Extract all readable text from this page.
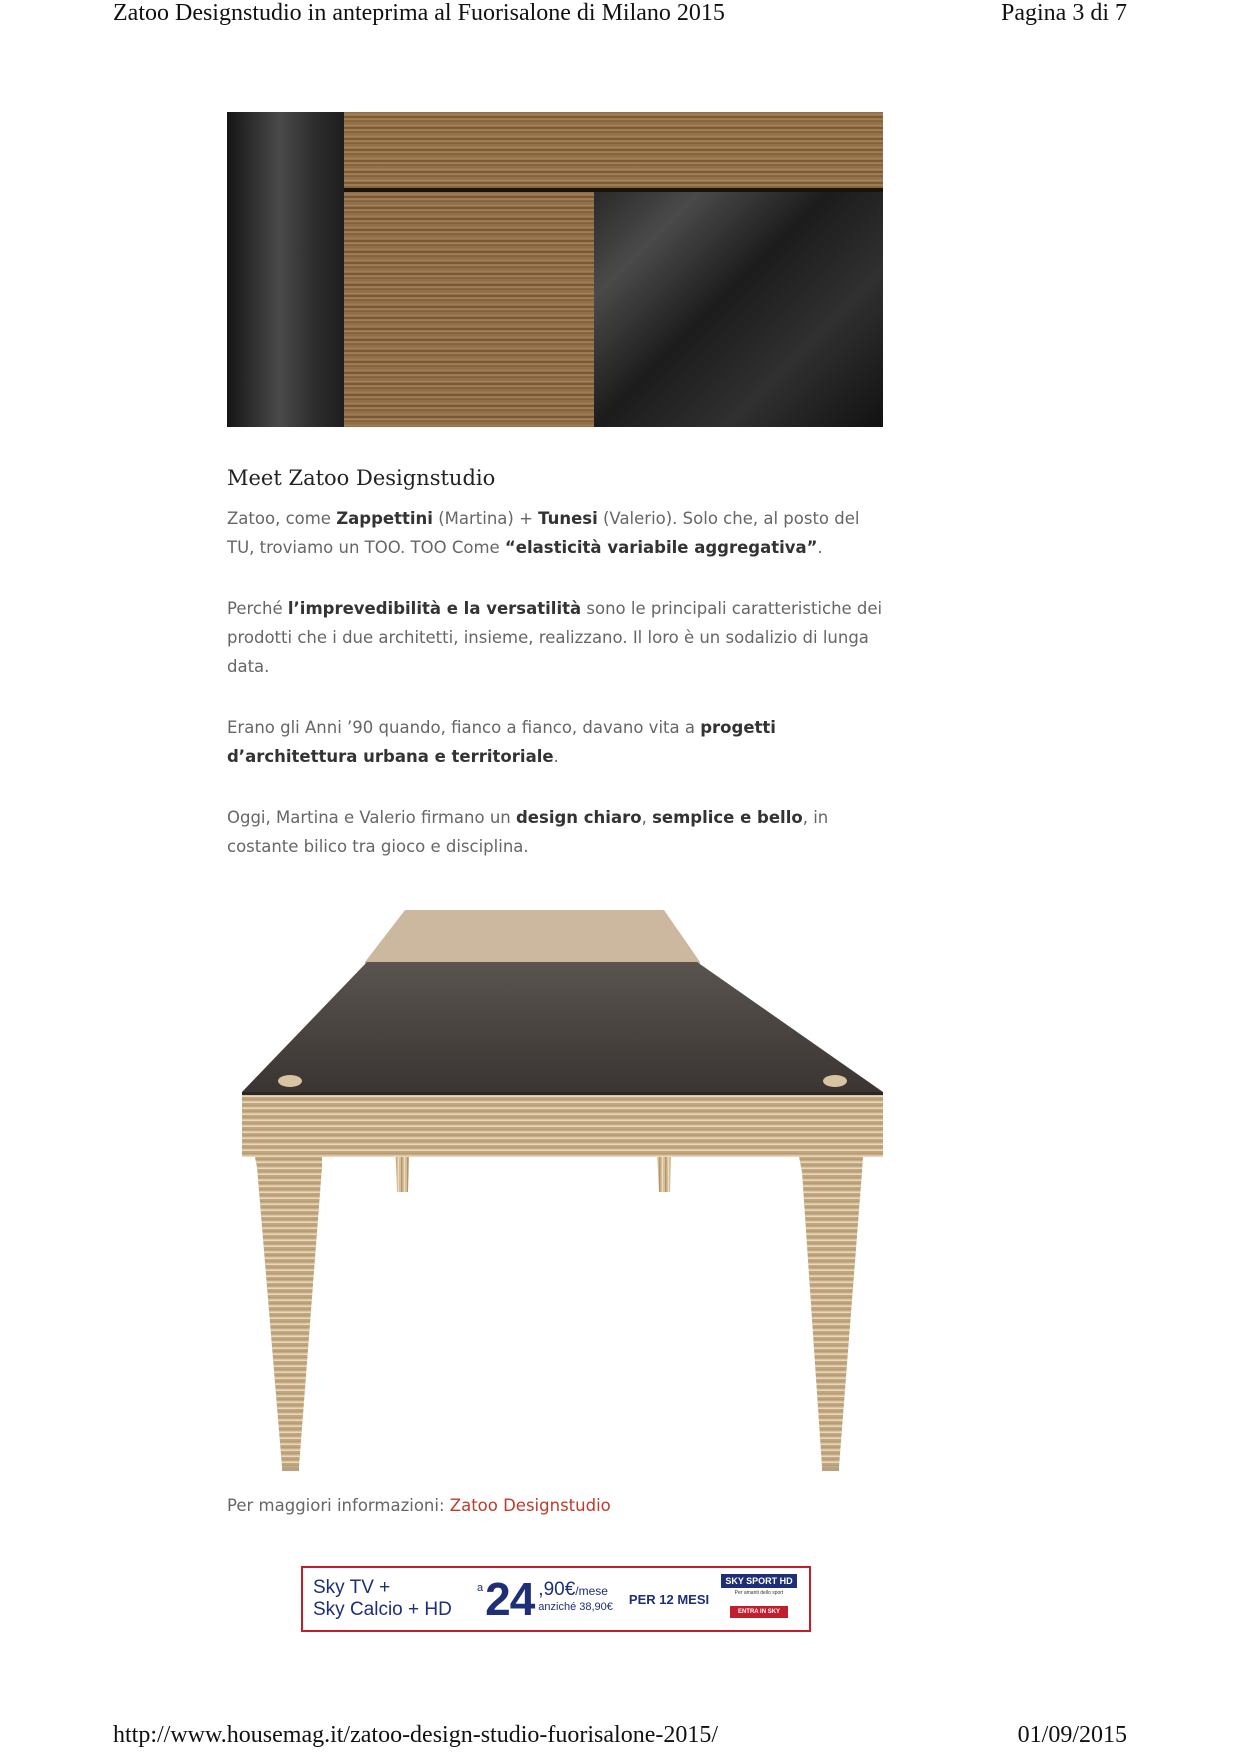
Zatoo Designstudio in anteprima al Fuorisalone di Milano 2015	Pagina 3 di 7
Meet Zatoo Designstudio

Zatoo, come Zappettini (Martina) + Tunesi (Valerio). Solo che, al posto del TU, troviamo un TOO. TOO Come “elasticità variabile aggregativa”.

Perché l’imprevedibilità e la versatilità sono le principali caratteristiche dei prodotti che i due architetti, insieme, realizzano. Il loro è un sodalizio di lunga data.

Erano gli Anni ’90 quando, fianco a fianco, davano vita a progetti d’architettura urbana e territoriale.

Oggi, Martina e Valerio firmano un design chiaro, semplice e bello, in costante bilico tra gioco e disciplina.

Per maggiori informazioni: Zatoo Designstudio
Sky TV +
Sky Calcio + HD
a 24 ,90€/mese
anziché 38,90€
PER 12 MESI
SKY SPORT HD
Per amanti dello sport
ENTRA IN SKY
http://www.housemag.it/zatoo-design-studio-fuorisalone-2015/	01/09/2015
